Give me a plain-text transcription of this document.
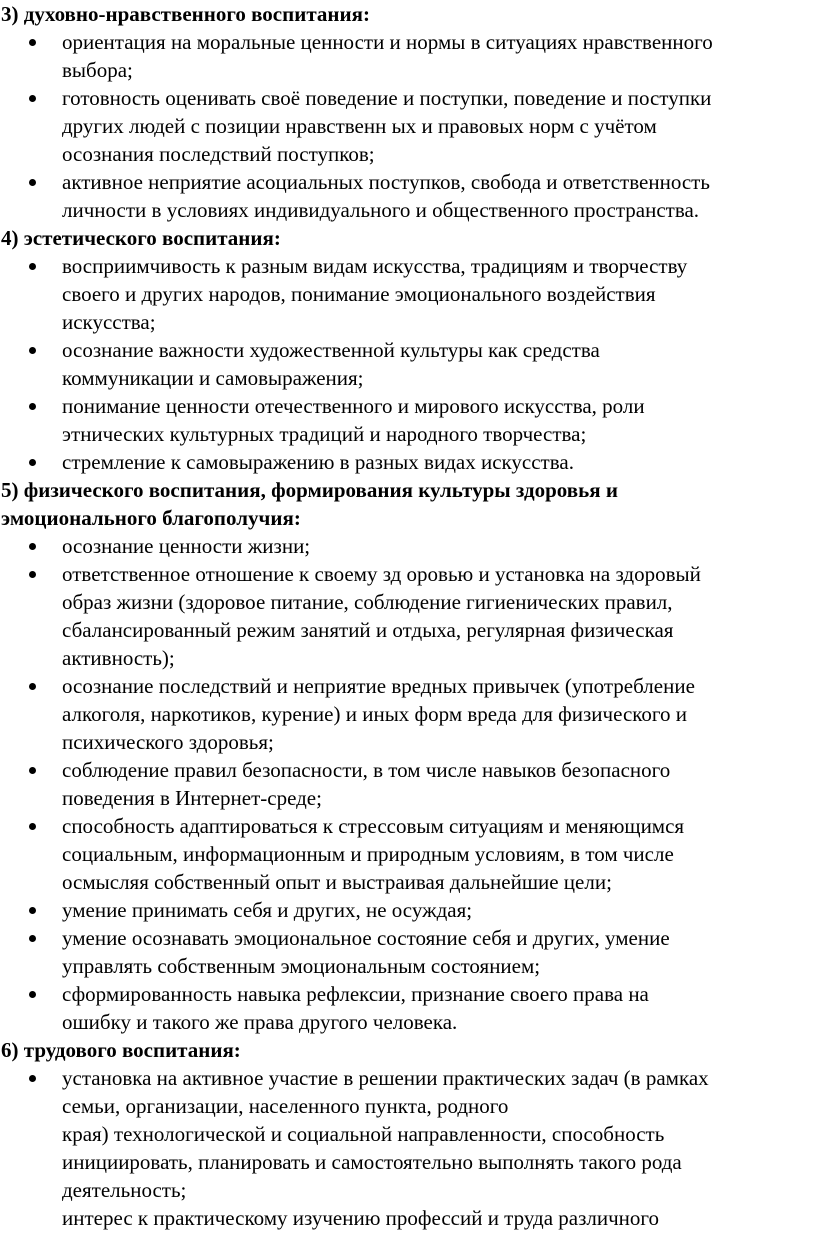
3) духовно-нравственного воспитания:
ориентация на моральные ценности и нормы в ситуациях нравственного
выбора;
готовность оценивать своё поведение и поступки, поведение и поступки
других людей с позиции нравственн ых и правовых норм с учётом
осознания последствий поступков;
активное неприятие асоциальных поступков, свобода и ответственность
личности в условиях индивидуального и общественного пространства.
4) эстетического воспитания:
восприимчивость к разным видам искусства, традициям и творчеству
своего и других народов, понимание эмоционального воздействия
искусства;
осознание важности художественной культуры как средства
коммуникации и самовыражения;
понимание ценности отечественного и мирового искусства, роли
этнических культурных традиций и народного творчества;
стремление к самовыражению в разных видах искусства.
5) физического воспитания, формирования культуры здоровья и
эмоционального благополучия:
осознание ценности жизни;
ответственное отношение к своему зд оровью и установка на здоровый
образ жизни (здоровое питание, соблюдение гигиенических правил,
сбалансированный режим занятий и отдыха, регулярная физическая
активность);
осознание последствий и неприятие вредных привычек (употребление
алкоголя, наркотиков, курение) и иных форм вреда для физического и
психического здоровья;
соблюдение правил безопасности, в том числе навыков безопасного
поведения в Интернет-среде;
способность адаптироваться к стрессовым ситуациям и меняющимся
социальным, информационным и природным условиям, в том числе
осмысляя собственный опыт и выстраивая дальнейшие цели;
умение принимать себя и других, не осуждая;
умение осознавать эмоциональное состояние себя и других, умение
управлять собственным эмоциональным состоянием;
сформированность навыка рефлексии, признание своего права на
ошибку и такого же права другого человека.
6) трудового воспитания:
установка на активное участие в решении практических задач (в рамках
семьи, организации, населенного пункта, родного
края) технологической и социальной направленности, способность
инициировать, планировать и самостоятельно выполнять такого рода
деятельность;
интерес к практическому изучению профессий и труда различного
